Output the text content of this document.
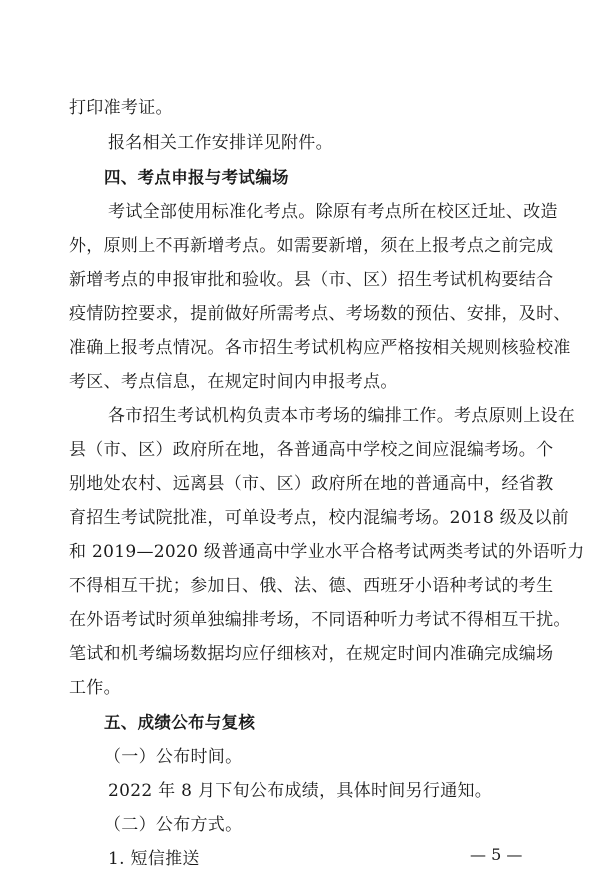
打印准考证。
报名相关工作安排详见附件。
四、考点申报与考试编场
考试全部使用标准化考点。除原有考点所在校区迁址、改造
外，原则上不再新增考点。如需要新增，须在上报考点之前完成
新增考点的申报审批和验收。县（市、区）招生考试机构要结合
疫情防控要求，提前做好所需考点、考场数的预估、安排，及时、
准确上报考点情况。各市招生考试机构应严格按相关规则核验校准
考区、考点信息，在规定时间内申报考点。
各市招生考试机构负责本市考场的编排工作。考点原则上设在
县（市、区）政府所在地，各普通高中学校之间应混编考场。个
别地处农村、远离县（市、区）政府所在地的普通高中，经省教
育招生考试院批准，可单设考点，校内混编考场。2018 级及以前
和 2019—2020 级普通高中学业水平合格考试两类考试的外语听力
不得相互干扰；参加日、俄、法、德、西班牙小语种考试的考生
在外语考试时须单独编排考场，不同语种听力考试不得相互干扰。
笔试和机考编场数据均应仔细核对，在规定时间内准确完成编场
工作。
五、成绩公布与复核
（一）公布时间。
2022 年 8 月下旬公布成绩，具体时间另行通知。
（二）公布方式。
1. 短信推送	— 5 —
